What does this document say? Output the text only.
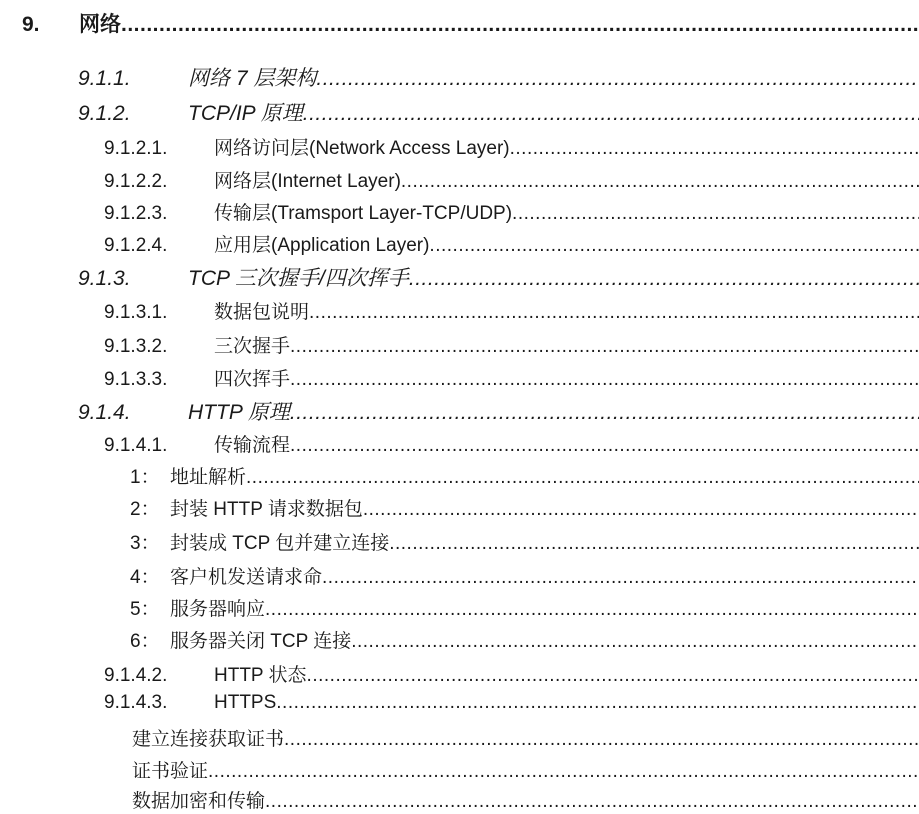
9.	网络
.....
9.1.1.	网络 7 层架构
.....
9.1.2.	TCP/IP 原理
.....
9.1.2.1.	网络访问层(Network Access Layer)
.....
9.1.2.2.	网络层(Internet Layer)
.....
9.1.2.3.	传输层(Tramsport Layer-TCP/UDP)
.....
9.1.2.4.	应用层(Application Layer)
.....
9.1.3.	TCP 三次握手/四次挥手
.....
9.1.3.1.	数据包说明
.....
9.1.3.2.	三次握手
.....
9.1.3.3.	四次挥手
.....
9.1.4.	HTTP 原理
.....
9.1.4.1.	传输流程
.....
1： 地址解析
.....
2： 封装 HTTP 请求数据包
.....
3： 封装成 TCP 包并建立连接
.....
4： 客户机发送请求命
.....
5： 服务器响应
.....
6： 服务器关闭 TCP 连接
.....
9.1.4.2.	HTTP 状态
.....
9.1.4.3.	HTTPS
.....
建立连接获取证书
.....
证书验证
.....
数据加密和传输
.....
